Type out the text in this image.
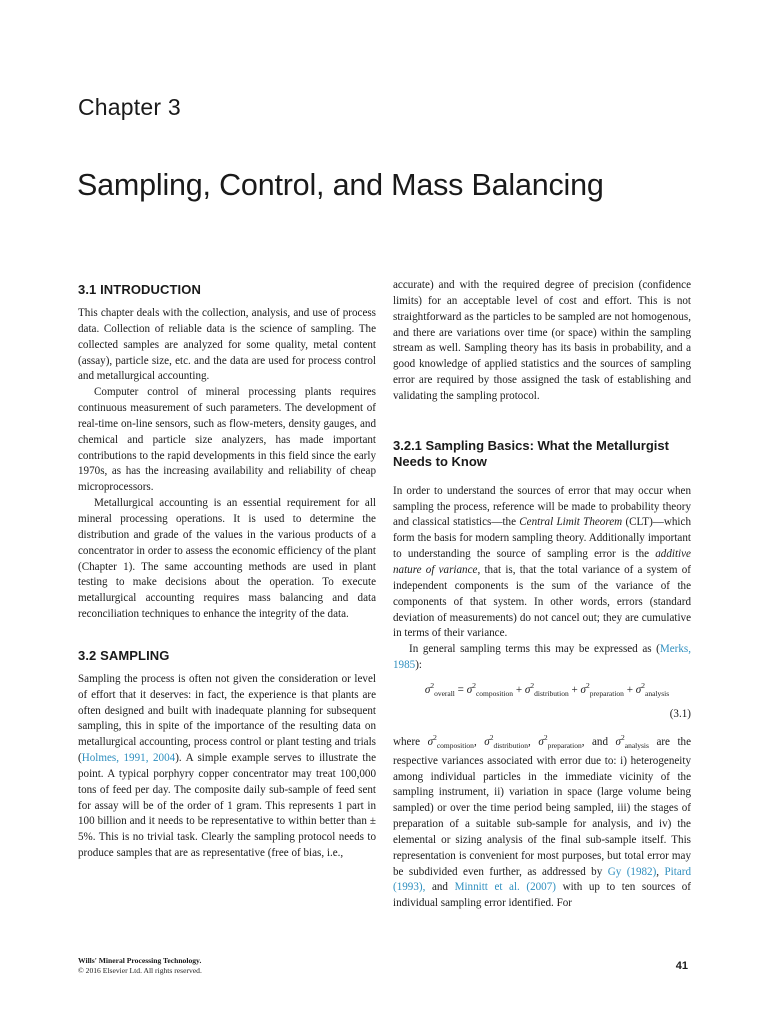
Chapter 3
Sampling, Control, and Mass Balancing
3.1 INTRODUCTION

This chapter deals with the collection, analysis, and use of process data. Collection of reliable data is the science of sampling. The collected samples are analyzed for some quality, metal content (assay), particle size, etc. and the data are used for process control and metallurgical accounting.

Computer control of mineral processing plants requires continuous measurement of such parameters. The development of real-time on-line sensors, such as flow-meters, density gauges, and chemical and particle size analyzers, has made important contributions to the rapid developments in this field since the early 1970s, as has the increasing availability and reliability of cheap microprocessors.

Metallurgical accounting is an essential requirement for all mineral processing operations. It is used to determine the distribution and grade of the values in the various products of a concentrator in order to assess the economic efficiency of the plant (Chapter 1). The same accounting methods are used in plant testing to make decisions about the operation. To execute metallurgical accounting requires mass balancing and data reconciliation techniques to enhance the integrity of the data.

3.2 SAMPLING

Sampling the process is often not given the consideration or level of effort that it deserves: in fact, the experience is that plants are often designed and built with inadequate planning for subsequent sampling, this in spite of the importance of the resulting data on metallurgical accounting, process control or plant testing and trials (Holmes, 1991, 2004). A simple example serves to illustrate the point. A typical porphyry copper concentrator may treat 100,000 tons of feed per day. The composite daily sub-sample of feed sent for assay will be of the order of 1 gram. This represents 1 part in 100 billion and it needs to be representative to within better than ± 5%. This is no trivial task. Clearly the sampling protocol needs to produce samples that are as representative (free of bias, i.e.,

accurate) and with the required degree of precision (confidence limits) for an acceptable level of cost and effort. This is not straightforward as the particles to be sampled are not homogenous, and there are variations over time (or space) within the sampling stream as well. Sampling theory has its basis in probability, and a good knowledge of applied statistics and the sources of sampling error are required by those assigned the task of establishing and validating the sampling protocol.

3.2.1 Sampling Basics: What the Metallurgist Needs to Know

In order to understand the sources of error that may occur when sampling the process, reference will be made to probability theory and classical statistics—the Central Limit Theorem (CLT)—which form the basis for modern sampling theory. Additionally important to understanding the source of sampling error is the additive nature of variance, that is, that the total variance of a system of independent components is the sum of the variance of the components of that system. In other words, errors (standard deviation of measurements) do not cancel out; they are cumulative in terms of their variance.

In general sampling terms this may be expressed as (Merks, 1985):

$\sigma^2_{overall} = \sigma^2_{composition} + \sigma^2_{distribution} + \sigma^2_{preparation} + \sigma^2_{analysis}$
(3.1)
where $\sigma^2_{composition}$, $\sigma^2_{distribution}$, $\sigma^2_{preparation}$, and $\sigma^2_{analysis}$ are the respective variances associated with error due to: i) heterogeneity among individual particles in the immediate vicinity of the sampling instrument, ii) variation in space (large volume being sampled) or over the time period being sampled, iii) the stages of preparation of a suitable sub-sample for analysis, and iv) the elemental or sizing analysis of the final sub-sample itself. This representation is convenient for most purposes, but total error may be subdivided even further, as addressed by Gy (1982), Pitard (1993), and Minnitt et al. (2007) with up to ten sources of individual sampling error identified. For
Wills' Mineral Processing Technology.
© 2016 Elsevier Ltd. All rights reserved.	41
